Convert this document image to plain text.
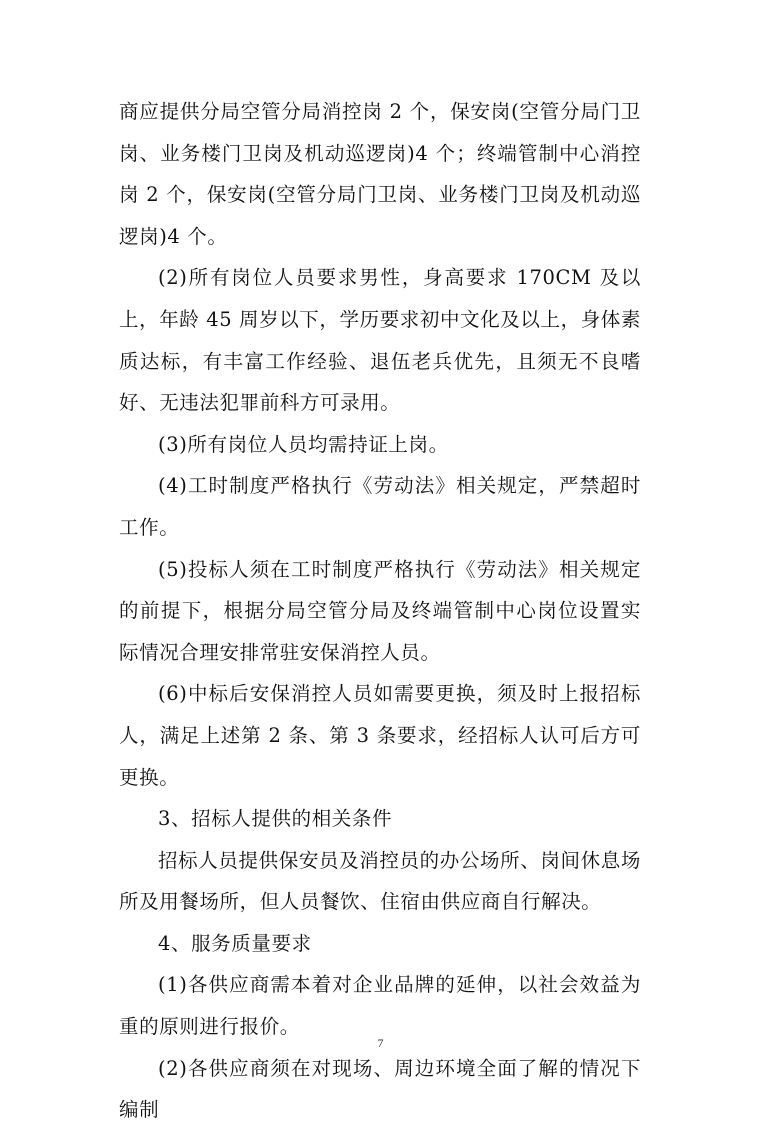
商应提供分局空管分局消控岗 2 个，保安岗(空管分局门卫岗、业务楼门卫岗及机动巡逻岗)4 个；终端管制中心消控岗 2 个，保安岗(空管分局门卫岗、业务楼门卫岗及机动巡逻岗)4 个。

(2)所有岗位人员要求男性，身高要求 170CM 及以上，年龄 45 周岁以下，学历要求初中文化及以上，身体素质达标，有丰富工作经验、退伍老兵优先，且须无不良嗜好、无违法犯罪前科方可录用。

(3)所有岗位人员均需持证上岗。

(4)工时制度严格执行《劳动法》相关规定，严禁超时工作。

(5)投标人须在工时制度严格执行《劳动法》相关规定的前提下，根据分局空管分局及终端管制中心岗位设置实际情况合理安排常驻安保消控人员。

(6)中标后安保消控人员如需要更换，须及时上报招标人，满足上述第 2 条、第 3 条要求，经招标人认可后方可更换。

3、招标人提供的相关条件

招标人员提供保安员及消控员的办公场所、岗间休息场所及用餐场所，但人员餐饮、住宿由供应商自行解决。

4、服务质量要求

(1)各供应商需本着对企业品牌的延伸，以社会效益为重的原则进行报价。

(2)各供应商须在对现场、周边环境全面了解的情况下编制

7
